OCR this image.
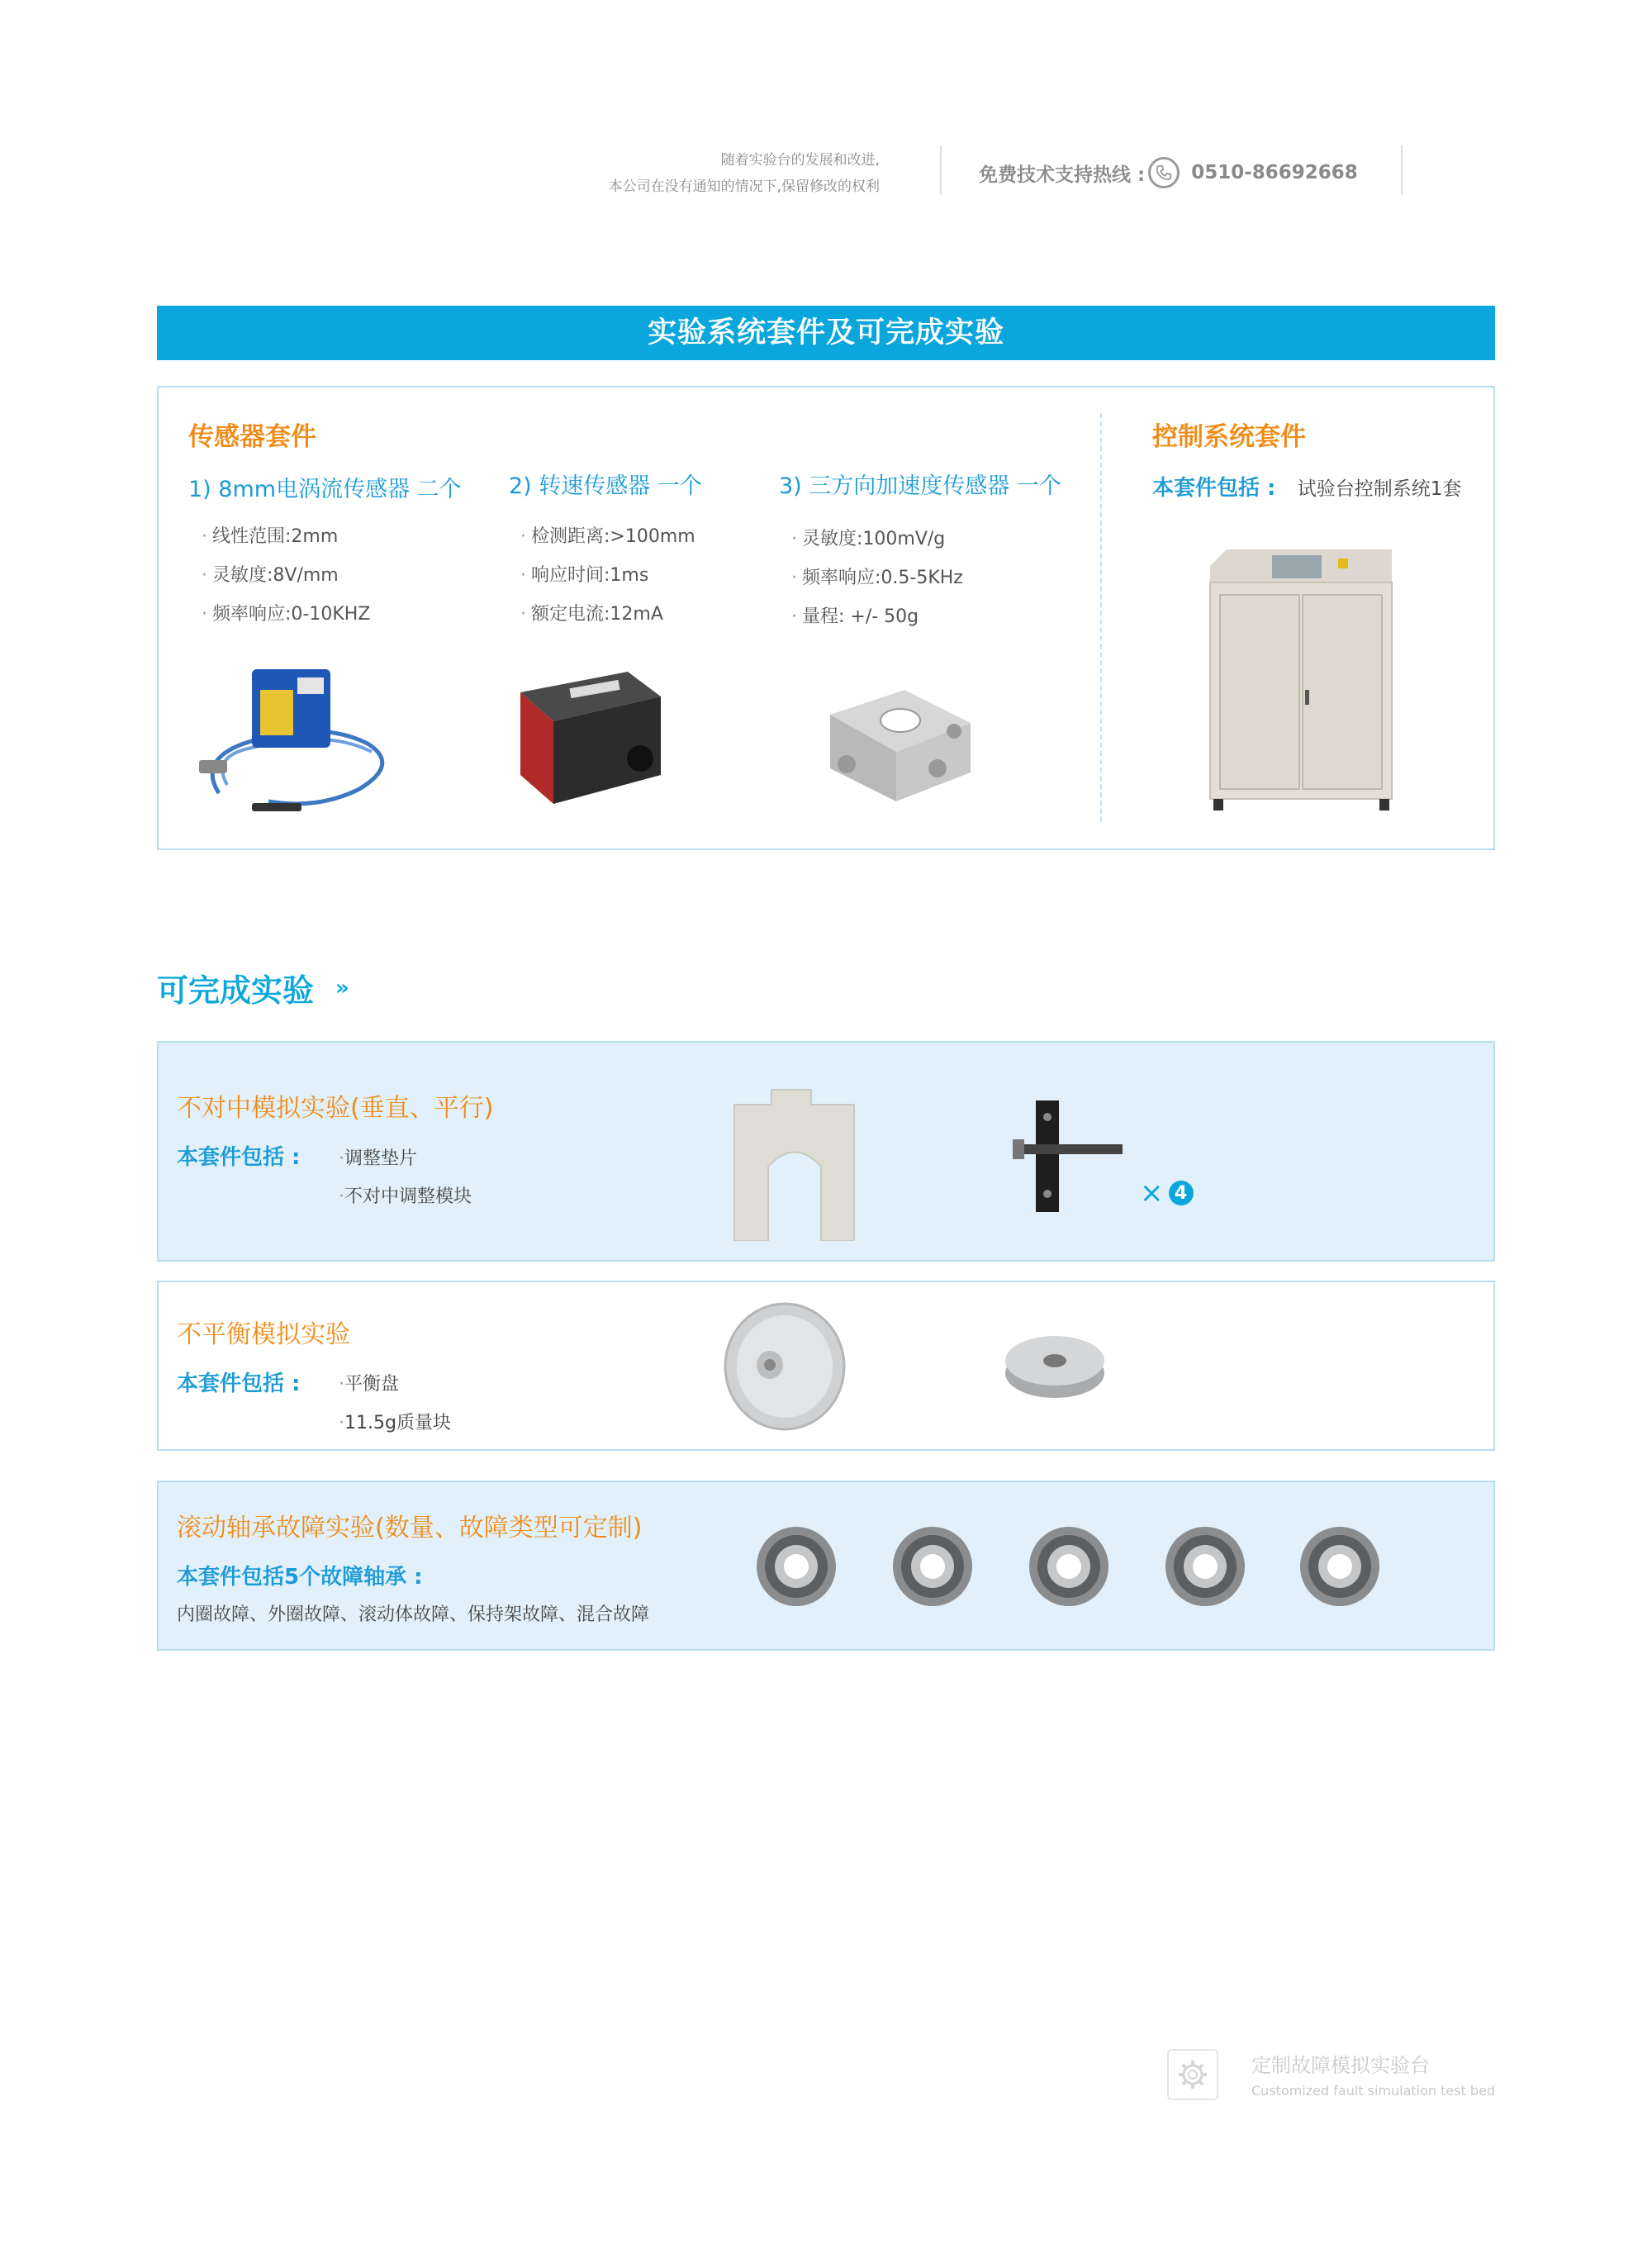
随着实验台的发展和改进,
本公司在没有通知的情况下,保留修改的权利
免费技术支持热线 : 0510-86692668
实验系统套件及可完成实验
传感器套件
1) 8mm电涡流传感器 二个
· 线性范围:2mm
· 灵敏度:8V/mm
· 频率响应:0-10KHZ
2) 转速传感器 一个
· 检测距离:>100mm
· 响应时间:1ms
· 额定电流:12mA
3) 三方向加速度传感器 一个
· 灵敏度:100mV/g
· 频率响应:0.5-5KHz
· 量程: +/- 50g
控制系统套件
本套件包括 : 试验台控制系统1套
可完成实验 »
不对中模拟实验(垂直、平行)
本套件包括 : ·调整垫片
·不对中调整模块	× 4
不平衡模拟实验
本套件包括 : ·平衡盘
·11.5g质量块
滚动轴承故障实验(数量、故障类型可定制)
本套件包括5个故障轴承 :
内圈故障、外圈故障、滚动体故障、保持架故障、混合故障
定制故障模拟实验台
Customized fault simulation test bed
